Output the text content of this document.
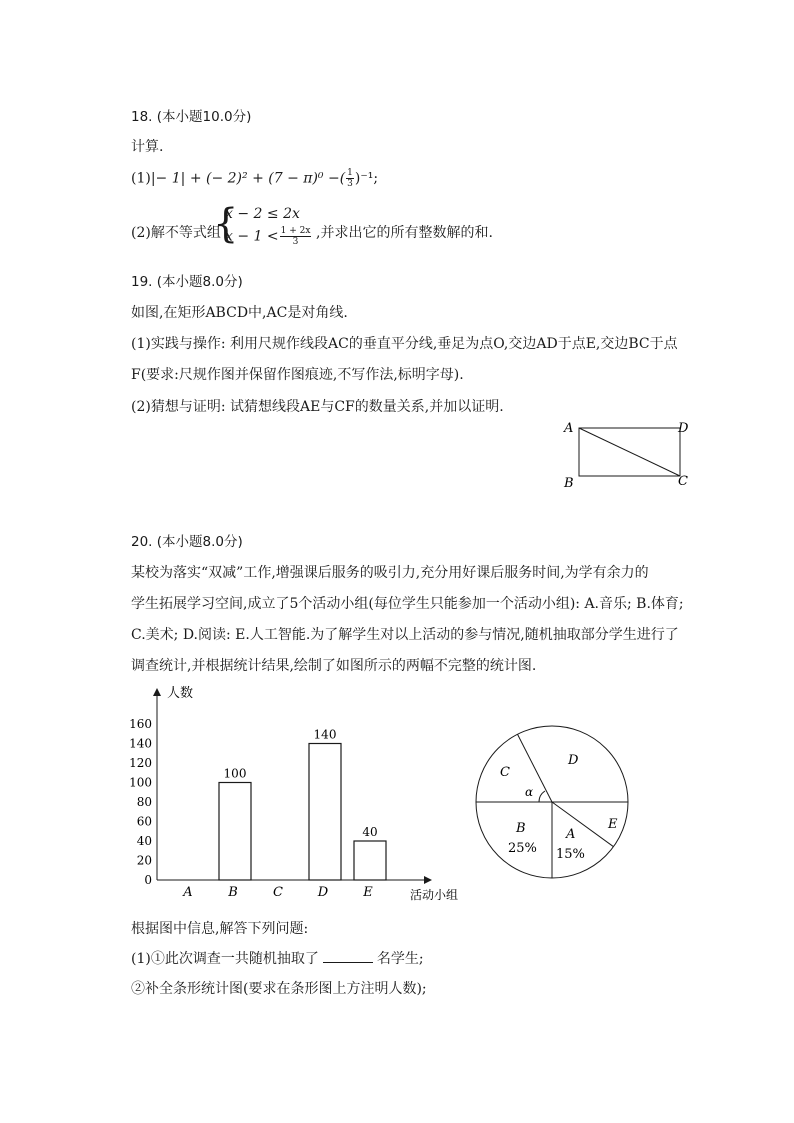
18. (本小题10.0分)
计算.
(1)|− 1| + (− 2)² + (7 − π)⁰ −( $\frac{1}{3} )^{-1}$;
(2)解不等式组
{
x − 2 ≤ 2x
$x - 1 < \frac{1 + 2x}{3}$ ,并求出它的所有整数解的和.
19. (本小题8.0分)
如图,在矩形ABCD中,AC是对角线.
(1)实践与操作: 利用尺规作线段AC的垂直平分线,垂足为点O,交边AD于点E,交边BC于点
F(要求:尺规作图并保留作图痕迹,不写作法,标明字母).
(2)猜想与证明: 试猜想线段AE与CF的数量关系,并加以证明.
A	D
B	C
20. (本小题8.0分)
某校为落实“双减”工作,增强课后服务的吸引力,充分用好课后服务时间,为学有余力的
学生拓展学习空间,成立了5个活动小组(每位学生只能参加一个活动小组): A.音乐; B.体育;
C.美术; D.阅读: E.人工智能.为了解学生对以上活动的参与情况,随机抽取部分学生进行了
调查统计,并根据统计结果,绘制了如图所示的两幅不完整的统计图.
人数
活动小组
0
20
40
60
80
100
120
140
160
A	B	C	D	E
100
140
40
α
A
15%
B
25%
C
D
E
根据图中信息,解答下列问题:
(1)①此次调查一共随机抽取了	名学生;
②补全条形统计图(要求在条形图上方注明人数);
